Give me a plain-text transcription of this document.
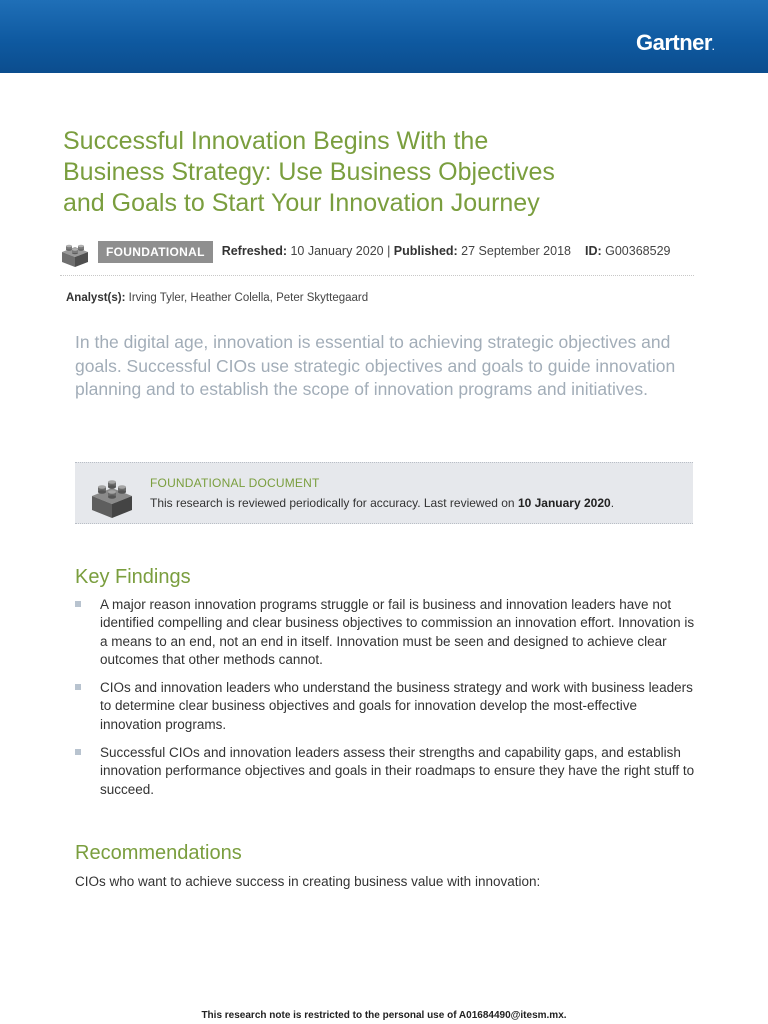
Gartner.
Successful Innovation Begins With the
Business Strategy: Use Business Objectives
and Goals to Start Your Innovation Journey
FOUNDATIONAL	Refreshed: 10 January 2020 | Published: 27 September 2018 ID: G00368529
Analyst(s): Irving Tyler, Heather Colella, Peter Skyttegaard

In the digital age, innovation is essential to achieving strategic objectives and goals. Successful CIOs use strategic objectives and goals to guide innovation planning and to establish the scope of innovation programs and initiatives.

FOUNDATIONAL DOCUMENT
This research is reviewed periodically for accuracy. Last reviewed on 10 January 2020.
Key Findings
A major reason innovation programs struggle or fail is business and innovation leaders have not identified compelling and clear business objectives to commission an innovation effort. Innovation is a means to an end, not an end in itself. Innovation must be seen and designed to achieve clear outcomes that other methods cannot.
CIOs and innovation leaders who understand the business strategy and work with business leaders to determine clear business objectives and goals for innovation develop the most-effective innovation programs.
Successful CIOs and innovation leaders assess their strengths and capability gaps, and establish innovation performance objectives and goals in their roadmaps to ensure they have the right stuff to succeed.
Recommendations

CIOs who want to achieve success in creating business value with innovation:

This research note is restricted to the personal use of A01684490@itesm.mx.
